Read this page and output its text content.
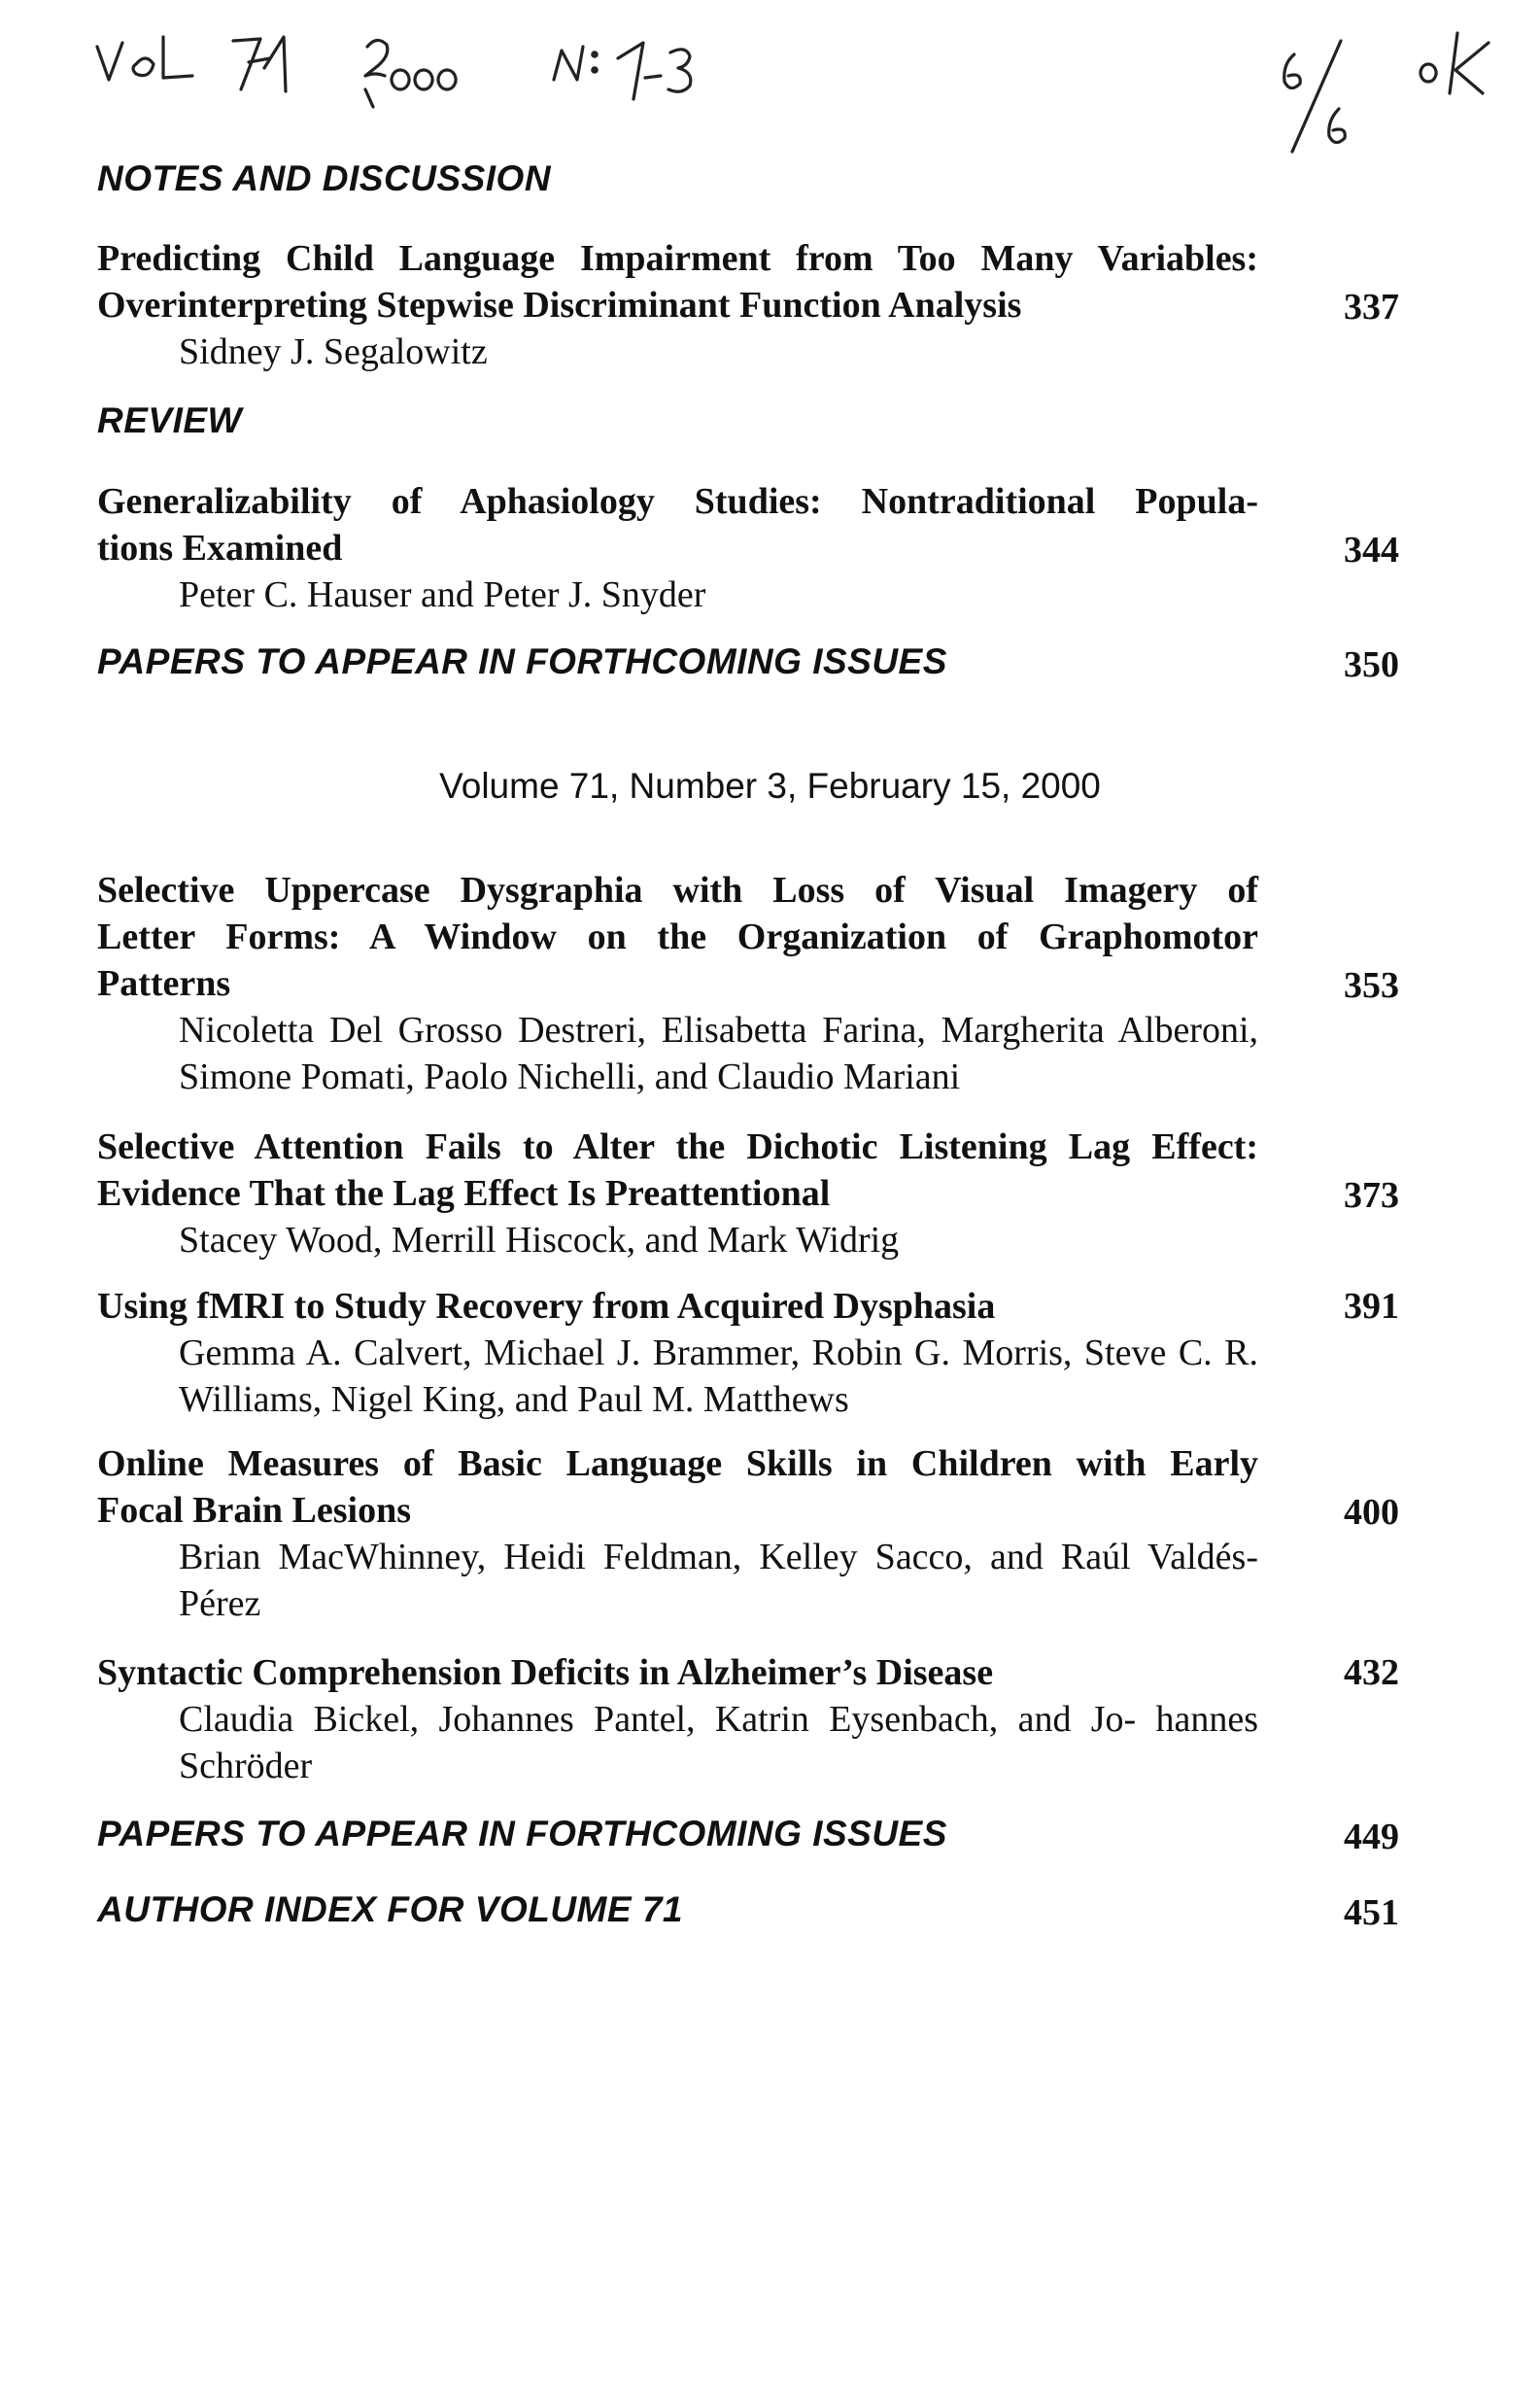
NOTES AND DISCUSSION
Predicting Child Language Impairment from Too Many Variables:
Overinterpreting Stepwise Discriminant Function Analysis	337
Sidney J. Segalowitz
REVIEW
Generalizability of Aphasiology Studies: Nontraditional Popula-
tions Examined	344
Peter C. Hauser and Peter J. Snyder
PAPERS TO APPEAR IN FORTHCOMING ISSUES	350
Volume 71, Number 3, February 15, 2000
Selective Uppercase Dysgraphia with Loss of Visual Imagery of
Letter Forms: A Window on the Organization of Graphomotor
Patterns	353
Nicoletta Del Grosso Destreri, Elisabetta Farina, Margherita Alberoni, Simone Pomati, Paolo Nichelli, and Claudio Mariani
Selective Attention Fails to Alter the Dichotic Listening Lag Effect:
Evidence That the Lag Effect Is Preattentional	373
Stacey Wood, Merrill Hiscock, and Mark Widrig
Using fMRI to Study Recovery from Acquired Dysphasia	391
Gemma A. Calvert, Michael J. Brammer, Robin G. Morris, Steve C. R. Williams, Nigel King, and Paul M. Matthews
Online Measures of Basic Language Skills in Children with Early
Focal Brain Lesions	400
Brian MacWhinney, Heidi Feldman, Kelley Sacco, and Raúl Valdés-Pérez
Syntactic Comprehension Deficits in Alzheimer’s Disease	432
Claudia Bickel, Johannes Pantel, Katrin Eysenbach, and Jo- hannes Schröder
PAPERS TO APPEAR IN FORTHCOMING ISSUES	449
AUTHOR INDEX FOR VOLUME 71	451
